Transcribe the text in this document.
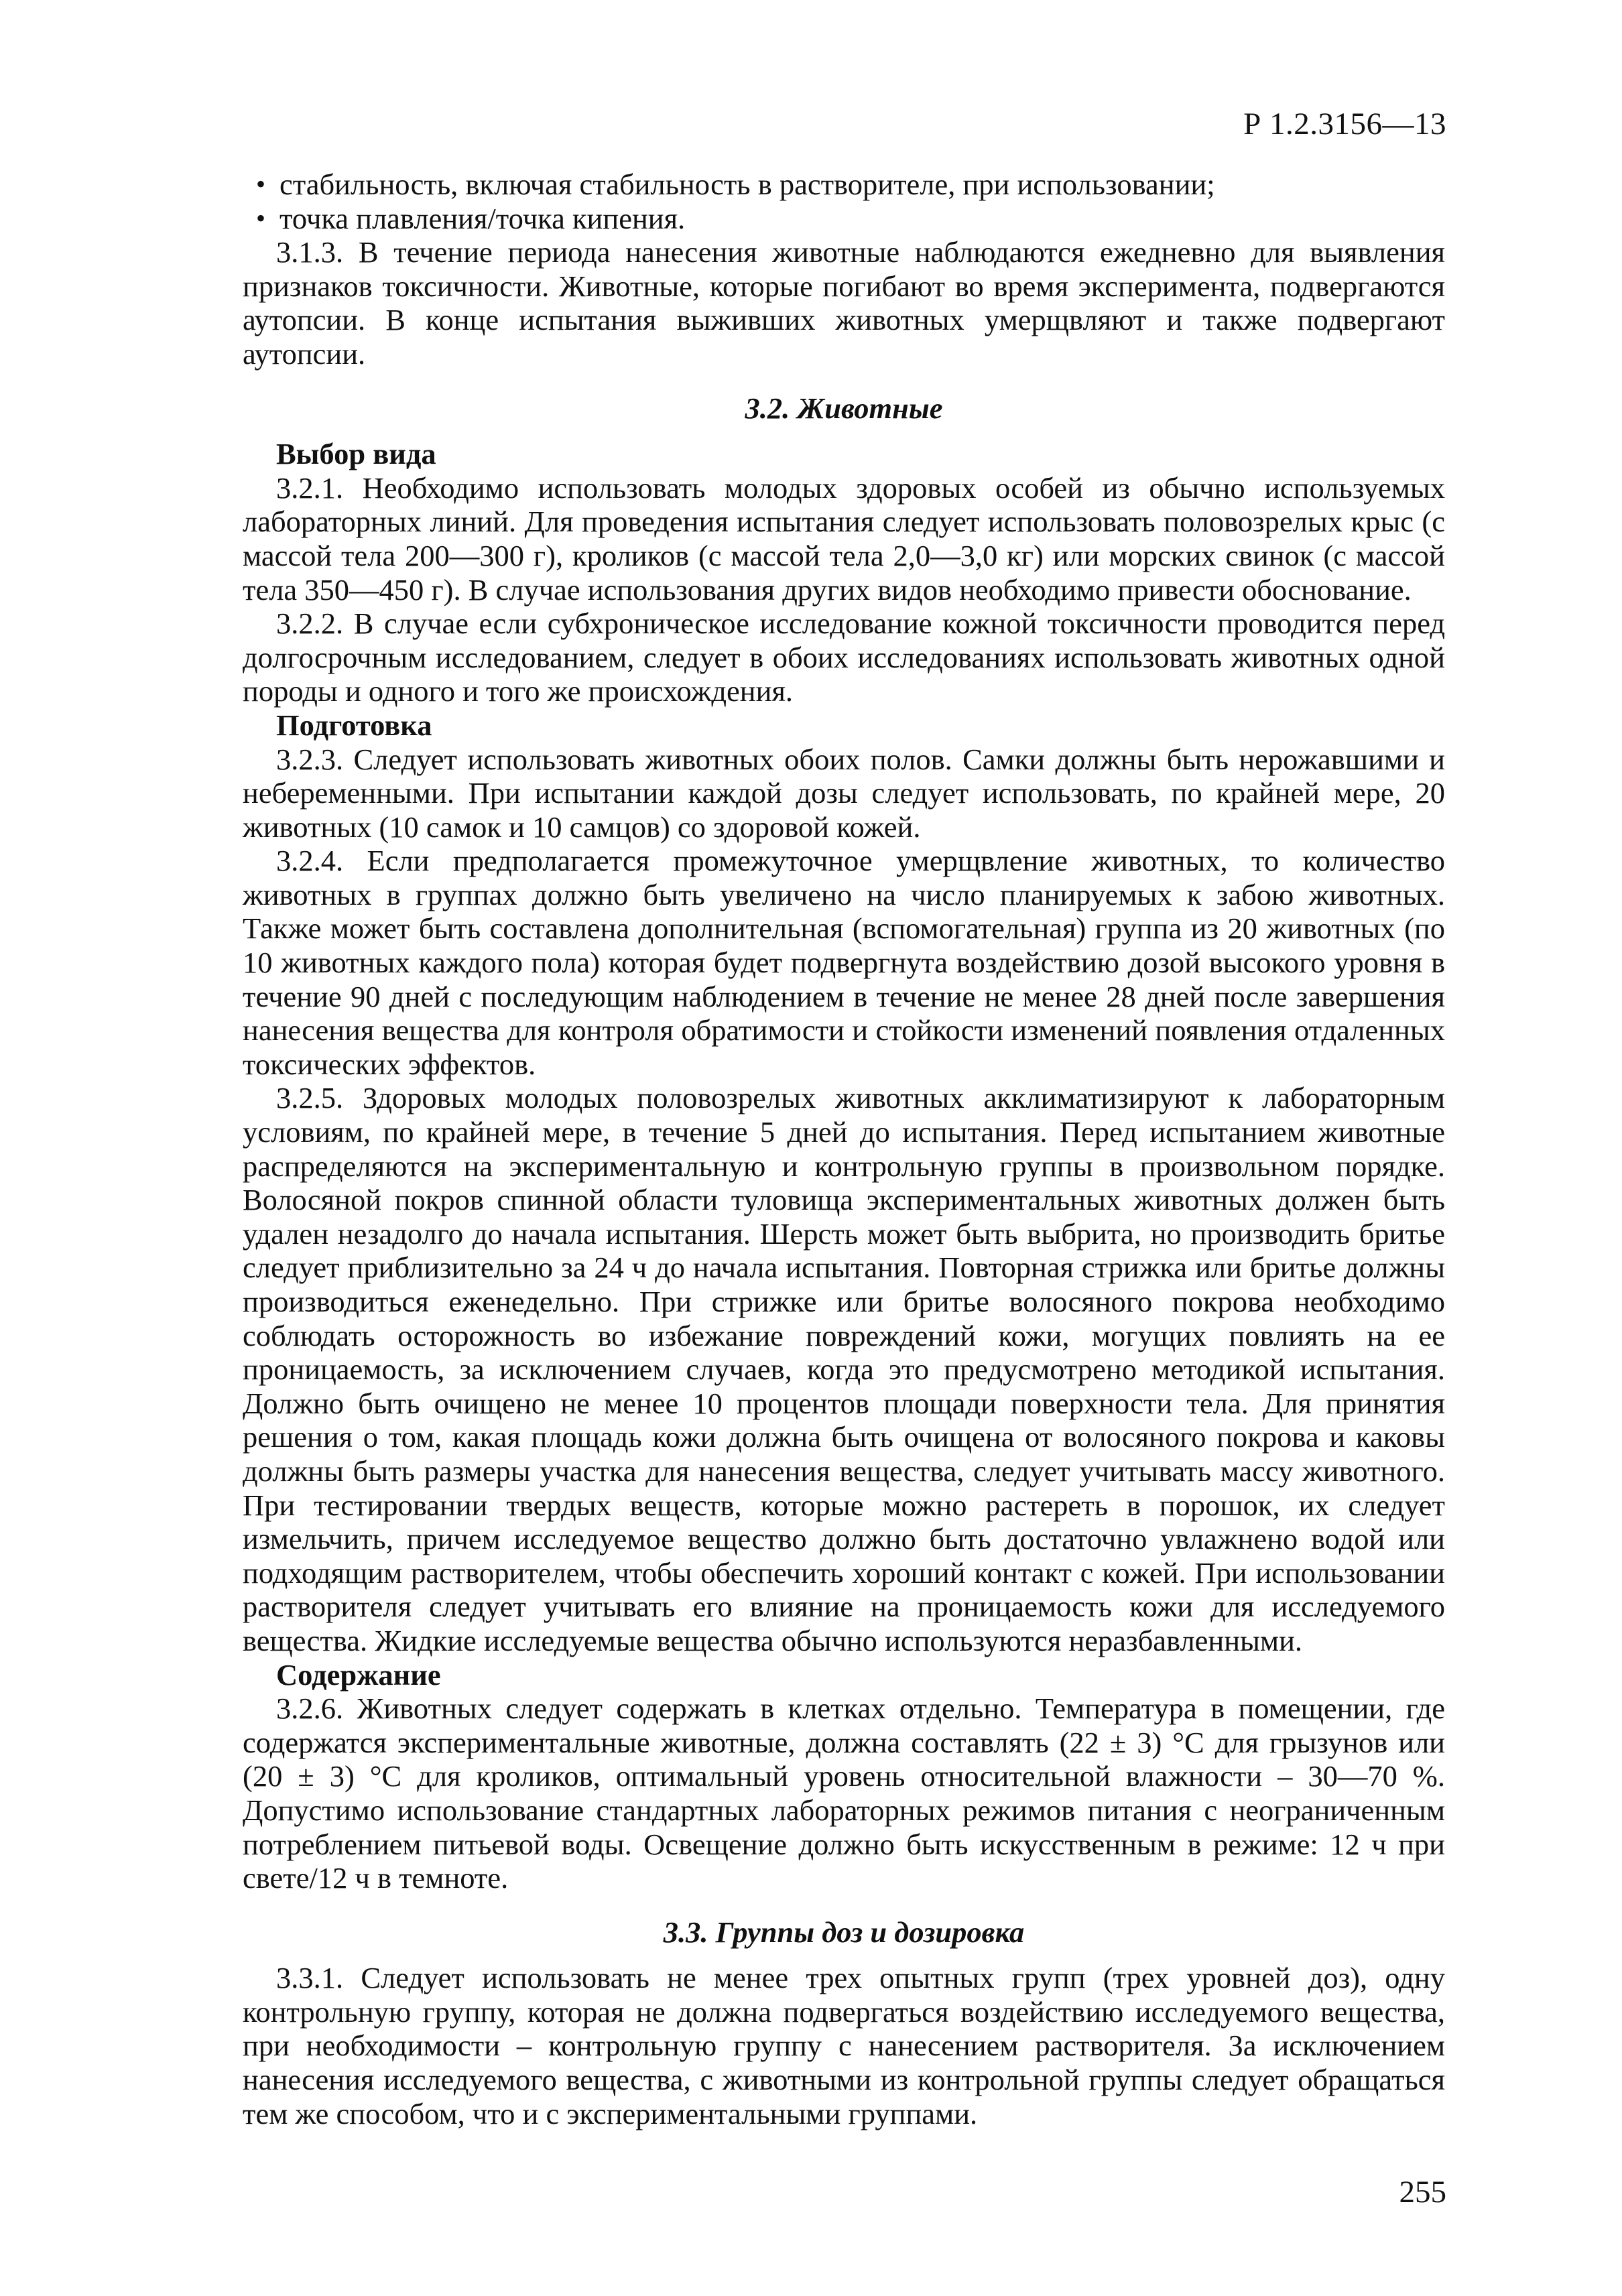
Р 1.2.3156—13

• стабильность, включая стабильность в растворителе, при использовании;

• точка плавления/точка кипения.

3.1.3. В течение периода нанесения животные наблюдаются ежедневно для выявления признаков токсичности. Животные, которые погибают во время эксперимента, подвергаются аутопсии. В конце испытания выживших животных умерщвляют и также подвергают аутопсии.

3.2. Животные

Выбор вида

3.2.1. Необходимо использовать молодых здоровых особей из обычно используемых лабораторных линий. Для проведения испытания следует использовать половозрелых крыс (с массой тела 200—300 г), кроликов (с массой тела 2,0—3,0 кг) или морских свинок (с массой тела 350—450 г). В случае использования других видов необходимо привести обоснование.

3.2.2. В случае если субхроническое исследование кожной токсичности проводится перед долгосрочным исследованием, следует в обоих исследованиях использовать животных одной породы и одного и того же происхождения.

Подготовка

3.2.3. Следует использовать животных обоих полов. Самки должны быть нерожавшими и небеременными. При испытании каждой дозы следует использовать, по крайней мере, 20 животных (10 самок и 10 самцов) со здоровой кожей.

3.2.4. Если предполагается промежуточное умерщвление животных, то количество животных в группах должно быть увеличено на число планируемых к забою животных. Также может быть составлена дополнительная (вспомогательная) группа из 20 животных (по 10 животных каждого пола) которая будет подвергнута воздействию дозой высокого уровня в течение 90 дней с последующим наблюдением в течение не менее 28 дней после завершения нанесения вещества для контроля обратимости и стойкости изменений появления отдаленных токсических эффектов.

3.2.5. Здоровых молодых половозрелых животных акклиматизируют к лабораторным условиям, по крайней мере, в течение 5 дней до испытания. Перед испытанием животные распределяются на экспериментальную и контрольную группы в произвольном порядке. Волосяной покров спинной области туловища экспериментальных животных должен быть удален незадолго до начала испытания. Шерсть может быть выбрита, но производить бритье следует приблизительно за 24 ч до начала испытания. Повторная стрижка или бритье должны производиться еженедельно. При стрижке или бритье волосяного покрова необходимо соблюдать осторожность во избежание повреждений кожи, могущих повлиять на ее проницаемость, за исключением случаев, когда это предусмотрено методикой испытания. Должно быть очищено не менее 10 процентов площади поверхности тела. Для принятия решения о том, какая площадь кожи должна быть очищена от волосяного покрова и каковы должны быть размеры участка для нанесения вещества, следует учитывать массу животного. При тестировании твердых веществ, которые можно растереть в порошок, их следует измельчить, причем исследуемое вещество должно быть достаточно увлажнено водой или подходящим растворителем, чтобы обеспечить хороший контакт с кожей. При использовании растворителя следует учитывать его влияние на проницаемость кожи для исследуемого вещества. Жидкие исследуемые вещества обычно используются неразбавленными.

Содержание

3.2.6. Животных следует содержать в клетках отдельно. Температура в помещении, где содержатся экспериментальные животные, должна составлять (22 ± 3) °С для грызунов или (20 ± 3) °С для кроликов, оптимальный уровень относительной влажности – 30—70 %. Допустимо использование стандартных лабораторных режимов питания с неограниченным потреблением питьевой воды. Освещение должно быть искусственным в режиме: 12 ч при свете/12 ч в темноте.

3.3. Группы доз и дозировка

3.3.1. Следует использовать не менее трех опытных групп (трех уровней доз), одну контрольную группу, которая не должна подвергаться воздействию исследуемого вещества, при необходимости – контрольную группу с нанесением растворителя. За исключением нанесения исследуемого вещества, с животными из контрольной группы следует обращаться тем же способом, что и с экспериментальными группами.

255
